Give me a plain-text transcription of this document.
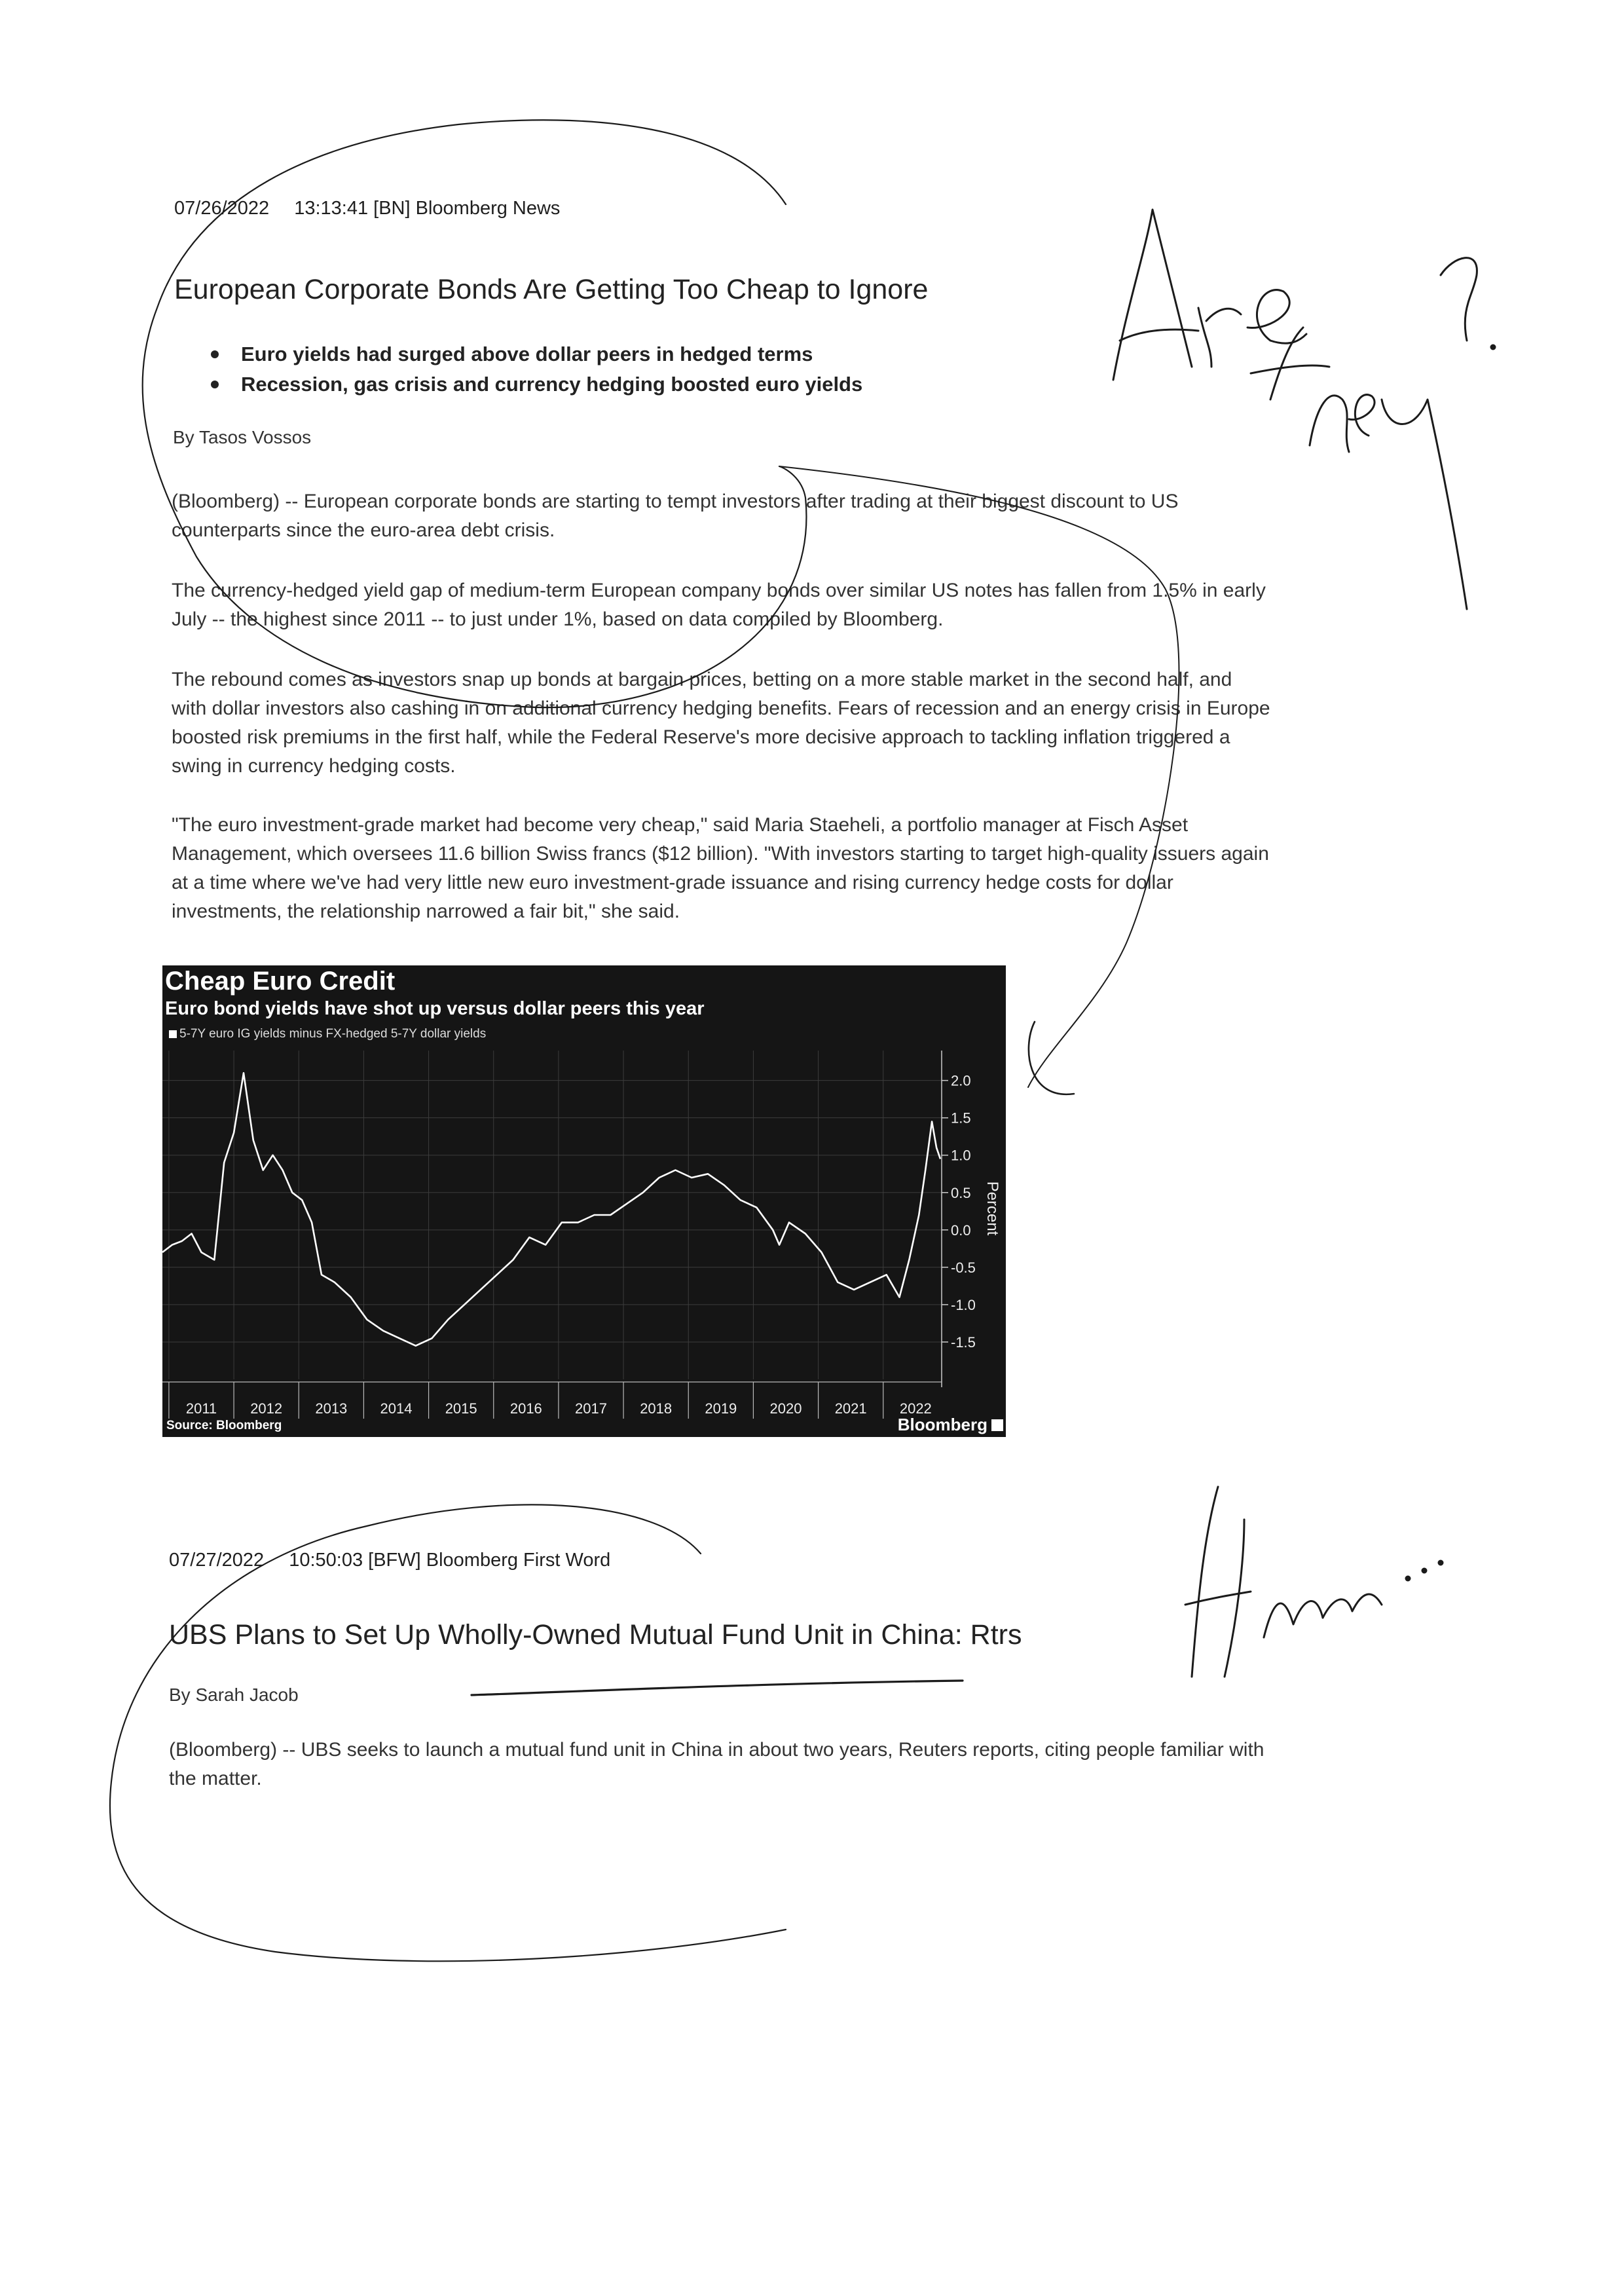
07/26/2022 13:13:41 [BN] Bloomberg News
European Corporate Bonds Are Getting Too Cheap to Ignore
Euro yields had surged above dollar peers in hedged terms
Recession, gas crisis and currency hedging boosted euro yields
By Tasos Vossos

(Bloomberg) -- European corporate bonds are starting to tempt investors after trading at their biggest discount to US counterparts since the euro-area debt crisis.

The currency-hedged yield gap of medium-term European company bonds over similar US notes has fallen from 1.5% in early July -- the highest since 2011 -- to just under 1%, based on data compiled by Bloomberg.

The rebound comes as investors snap up bonds at bargain prices, betting on a more stable market in the second half, and with dollar investors also cashing in on additional currency hedging benefits. Fears of recession and an energy crisis in Europe boosted risk premiums in the first half, while the Federal Reserve's more decisive approach to tackling inflation triggered a swing in currency hedging costs.

"The euro investment-grade market had become very cheap," said Maria Staeheli, a portfolio manager at Fisch Asset Management, which oversees 11.6 billion Swiss francs ($12 billion). "With investors starting to target high-quality issuers again at a time where we've had very little new euro investment-grade issuance and rising currency hedge costs for dollar investments, the relationship narrowed a fair bit," she said.

Cheap Euro Credit
Euro bond yields have shot up versus dollar peers this year
5-7Y euro IG yields minus FX-hedged 5-7Y dollar yields
2.0
1.5
1.0
0.5
0.0
-0.5
-1.0
-1.5
2011 2012 2013 2014 2015 2016 2017 2018 2019 2020 2021 2022
Percent
Source: Bloomberg	Bloomberg
07/27/2022 10:50:03 [BFW] Bloomberg First Word
UBS Plans to Set Up Wholly-Owned Mutual Fund Unit in China: Rtrs
By Sarah Jacob

(Bloomberg) -- UBS seeks to launch a mutual fund unit in China in about two years, Reuters reports, citing people familiar with the matter.
